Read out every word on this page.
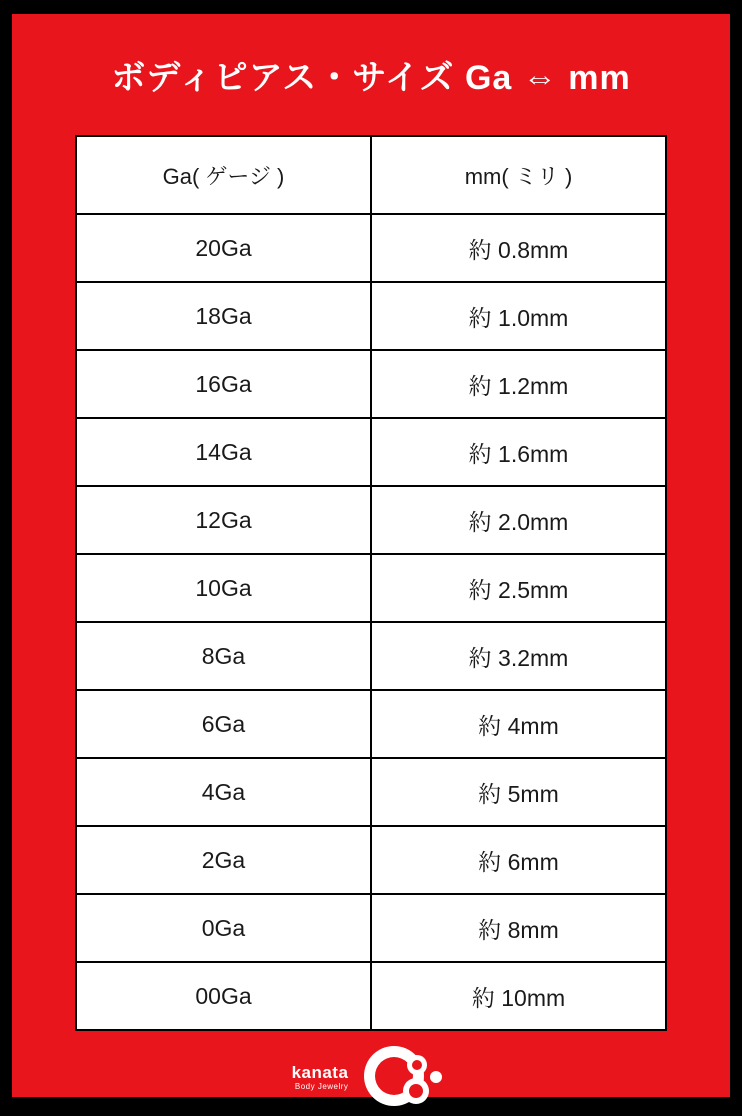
ボディピアス・サイズ Ga ⇔ mm
Ga( ゲージ )	mm( ミリ )
20Ga	約 0.8mm
18Ga	約 1.0mm
16Ga	約 1.2mm
14Ga	約 1.6mm
12Ga	約 2.0mm
10Ga	約 2.5mm
8Ga	約 3.2mm
6Ga	約 4mm
4Ga	約 5mm
2Ga	約 6mm
0Ga	約 8mm
00Ga	約 10mm
kanata
Body Jewelry
